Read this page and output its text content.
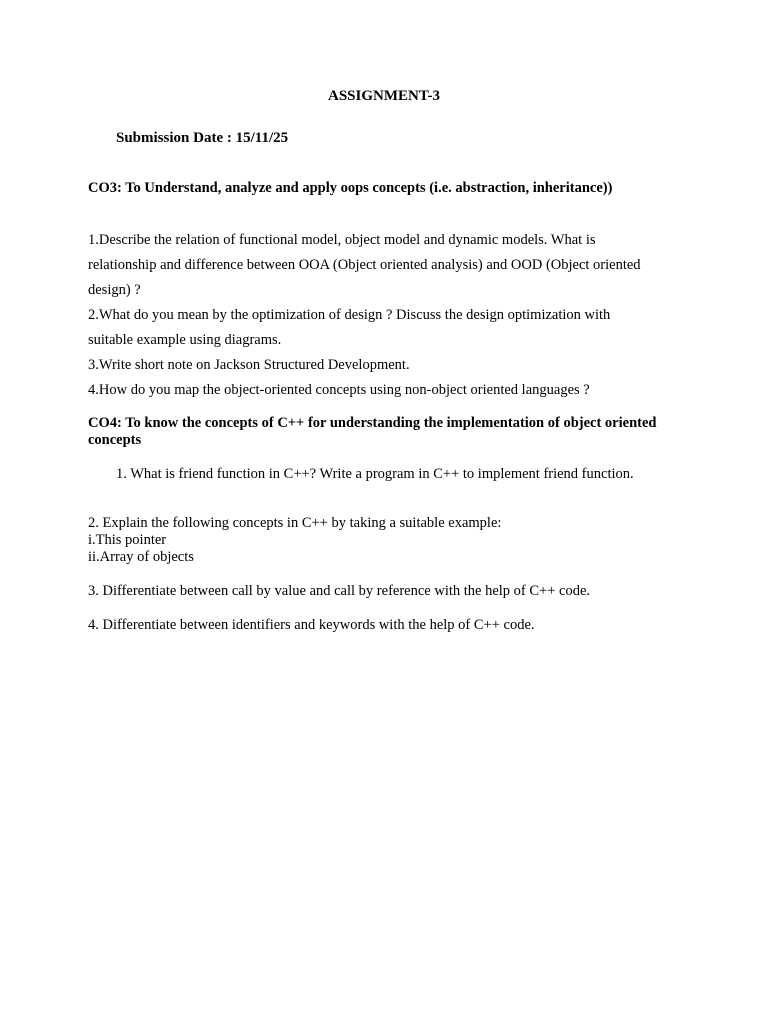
ASSIGNMENT-3

Submission Date : 15/11/25

CO3: To Understand, analyze and apply oops concepts (i.e. abstraction, inheritance))

1.Describe the relation of functional model, object model and dynamic models. What is relationship and difference between OOA (Object oriented analysis) and OOD (Object oriented design) ?

2.What do you mean by the optimization of design ? Discuss the design optimization with suitable example using diagrams.

3.Write short note on Jackson Structured Development.

4.How do you map the object-oriented concepts using non-object oriented languages ?

CO4: To know the concepts of C++ for understanding the implementation of object oriented concepts

1. What is friend function in C++? Write a program in C++ to implement friend function.

2. Explain the following concepts in C++ by taking a suitable example:
i.This pointer
ii.Array of objects

3. Differentiate between call by value and call by reference with the help of C++ code.

4. Differentiate between identifiers and keywords with the help of C++ code.
